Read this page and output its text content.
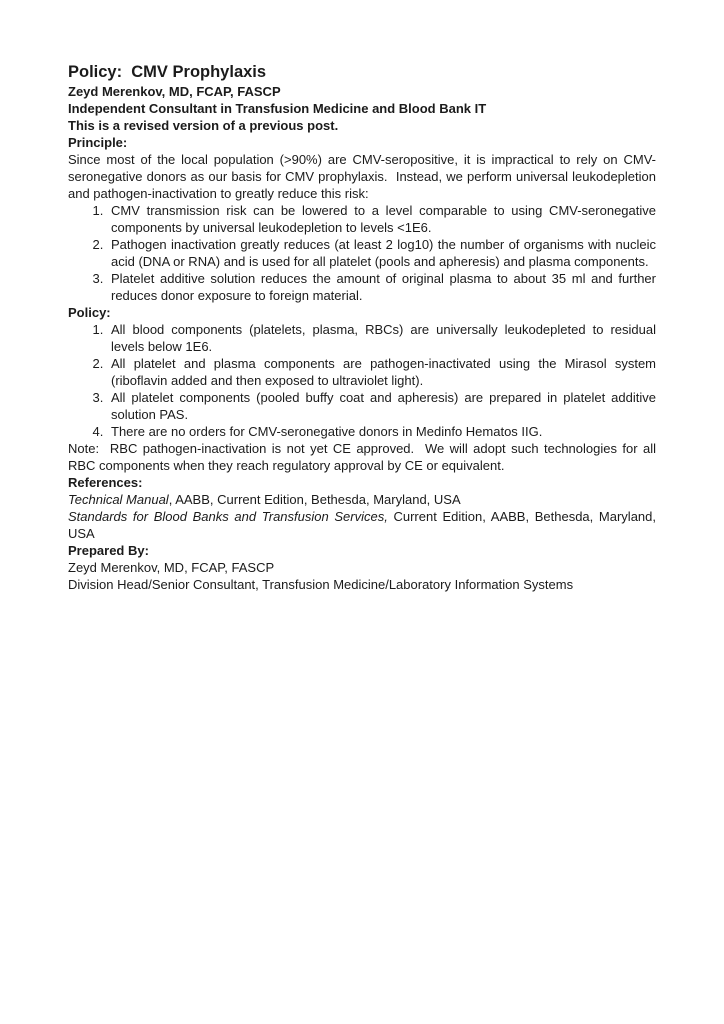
Policy:  CMV Prophylaxis

Zeyd Merenkov, MD, FCAP, FASCP

Independent Consultant in Transfusion Medicine and Blood Bank IT

This is a revised version of a previous post.

Principle:

Since most of the local population (>90%) are CMV-seropositive, it is impractical to rely on CMV-seronegative donors as our basis for CMV prophylaxis.  Instead, we perform universal leukodepletion and pathogen-inactivation to greatly reduce this risk:

1. CMV transmission risk can be lowered to a level comparable to using CMV-seronegative components by universal leukodepletion to levels <1E6.
2. Pathogen inactivation greatly reduces (at least 2 log10) the number of organisms with nucleic acid (DNA or RNA) and is used for all platelet (pools and apheresis) and plasma components.
3. Platelet additive solution reduces the amount of original plasma to about 35 ml and further reduces donor exposure to foreign material.

Policy:

1. All blood components (platelets, plasma, RBCs) are universally leukodepleted to residual levels below 1E6.
2. All platelet and plasma components are pathogen-inactivated using the Mirasol system (riboflavin added and then exposed to ultraviolet light).
3. All platelet components (pooled buffy coat and apheresis) are prepared in platelet additive solution PAS.
4. There are no orders for CMV-seronegative donors in Medinfo Hematos IIG.

Note:  RBC pathogen-inactivation is not yet CE approved.  We will adopt such technologies for all RBC components when they reach regulatory approval by CE or equivalent.

References:

Technical Manual, AABB, Current Edition, Bethesda, Maryland, USA

Standards for Blood Banks and Transfusion Services, Current Edition, AABB, Bethesda, Maryland, USA

Prepared By:

Zeyd Merenkov, MD, FCAP, FASCP

Division Head/Senior Consultant, Transfusion Medicine/Laboratory Information Systems
